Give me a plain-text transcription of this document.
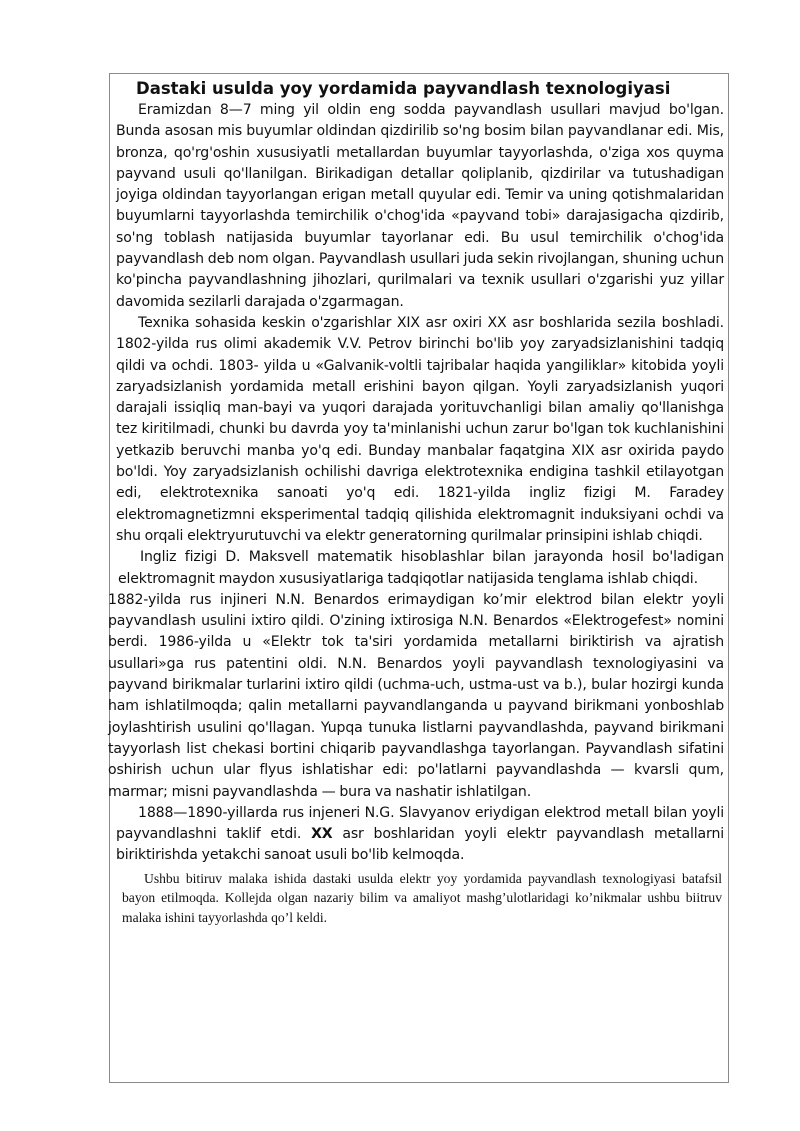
Dastaki usulda yoy yordamida payvandlash texnologiyasi

Eramizdan 8—7 ming yil oldin eng sodda payvandlash usullari mavjud bo'lgan. Bunda asosan mis buyumlar oldindan qizdirilib so'ng bosim bilan payvandlanar edi. Mis, bronza, qo'rg'oshin xususiyatli metallardan buyumlar tayyorlashda, o'ziga xos quyma payvand usuli qo'llanilgan. Birikadigan detallar qoliplanib, qizdirilar va tutushadigan joyiga oldindan tayyorlangan erigan metall quyular edi. Temir va uning qotishmalaridan buyumlarni tayyorlashda temirchilik o'chog'ida «payvand tobi» darajasigacha qizdirib, so'ng toblash natijasida buyumlar tayorlanar edi. Bu usul temirchilik o'chog'ida payvandlash deb nom olgan. Payvandlash usullari juda sekin rivojlangan, shuning uchun ko'pincha payvandlashning jihozlari, qurilmalari va texnik usullari o'zgarishi yuz yillar davomida sezilarli darajada o'zgarmagan.

Texnika sohasida keskin o'zgarishlar XIX asr oxiri XX asr boshlarida sezila boshladi. 1802-yilda rus olimi akademik V.V. Petrov birinchi bo'lib yoy zaryadsizlanishini tadqiq qildi va ochdi. 1803- yilda u «Galvanik-voltli tajribalar haqida yangiliklar» kitobida yoyli zaryadsizlanish yordamida metall erishini bayon qilgan. Yoyli zaryadsizlanish yuqori darajali issiqliq man-bayi va yuqori darajada yorituvchanligi bilan amaliy qo'llanishga tez kiritilmadi, chunki bu davrda yoy ta'minlanishi uchun zarur bo'lgan tok kuchlanishini yetkazib beruvchi manba yo'q edi. Bunday manbalar faqatgina XIX asr oxirida paydo bo'ldi. Yoy zaryadsizlanish ochilishi davriga elektrotexnika endigina tashkil etilayotgan edi, elektrotexnika sanoati yo'q edi. 1821-yilda ingliz fizigi M. Faradey elektromagnetizmni eksperimental tadqiq qilishida elektromagnit induksiyani ochdi va shu orqali elektryurutuvchi va elektr generatorning qurilmalar prinsipini ishlab chiqdi.

Ingliz fizigi D. Maksvell matematik hisoblashlar bilan jarayonda hosil bo'ladigan elektromagnit maydon xususiyatlariga tadqiqotlar natijasida tenglama ishlab chiqdi.

1882-yilda rus injineri N.N. Benardos erimaydigan ko’mir elektrod bilan elektr yoyli payvandlash usulini ixtiro qildi. O'zining ixtirosiga N.N. Benardos «Elektrogefest» nomini berdi. 1986-yilda u «Elektr tok ta'siri yordamida metallarni biriktirish va ajratish usullari»ga rus patentini oldi. N.N. Benardos yoyli payvandlash texnologiyasini va payvand birikmalar turlarini ixtiro qildi (uchma-uch, ustma-ust va b.), bular hozirgi kunda ham ishlatilmoqda; qalin metallarni payvandlanganda u payvand birikmani yonboshlab joylashtirish usulini qo'llagan. Yupqa tunuka listlarni payvandlashda, payvand birikmani tayyorlash list chekasi bortini chiqarib payvandlashga tayorlangan. Payvandlash sifatini oshirish uchun ular flyus ishlatishar edi: po'latlarni payvandlashda — kvarsli qum, marmar; misni payvandlashda — bura va nashatir ishlatilgan.

1888—1890-yillarda rus injeneri N.G. Slavyanov eriydigan elektrod metall bilan yoyli payvandlashni taklif etdi. XX asr boshlaridan yoyli elektr payvandlash metallarni biriktirishda yetakchi sanoat usuli bo'lib kelmoqda.

Ushbu bitiruv malaka ishida dastaki usulda elektr yoy yordamida payvandlash texnologiyasi batafsil bayon etilmoqda. Kollejda olgan nazariy bilim va amaliyot mashg’ulotlaridagi ko’nikmalar ushbu biitruv malaka ishini tayyorlashda qo’l keldi.
